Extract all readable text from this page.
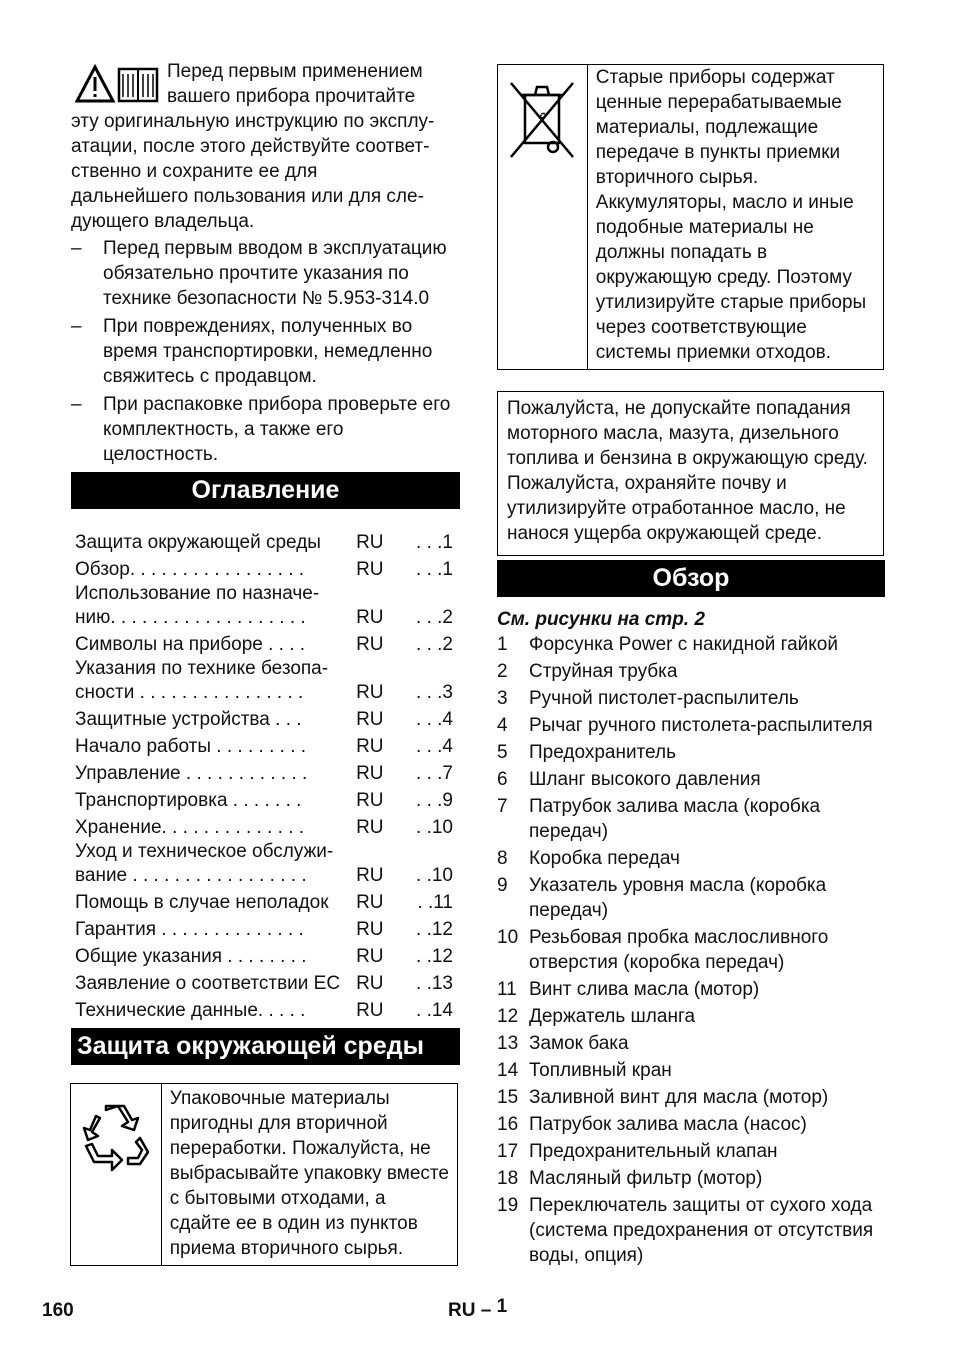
Перед первым применением
вашего прибора прочитайте
эту оригинальную инструкцию по эксплу-
атации, после этого действуйте соответ-
ственно и сохраните ее для
дальнейшего пользования или для сле-
дующего владельца.
– Перед первым вводом в эксплуатацию обязательно прочтите указания по технике безопасности № 5.953-314.0
– При повреждениях, полученных во время транспортировки, немедленно свяжитесь с продавцом.
– При распаковке прибора проверьте его комплектность, а также его целостность.
Оглавление
Защита окружающей среды	RU	. . .1
Обзор. . . . . . . . . . . . . . . . .	RU	. . .1
Использование по назначе-нию. . . . . . . . . . . . . . . . . . .	RU	. . .2
Символы на приборе . . . .	RU	. . .2
Указания по технике безопа-сности . . . . . . . . . . . . . . . .	RU	. . .3
Защитные устройства . . .	RU	. . .4
Начало работы . . . . . . . . .	RU	. . .4
Управление . . . . . . . . . . . .	RU	. . .7
Транспортировка . . . . . . .	RU	. . .9
Хранение. . . . . . . . . . . . . .	RU	. .10
Уход и техническое обслужи-вание . . . . . . . . . . . . . . . . .	RU	. .10
Помощь в случае неполадок	RU	. .11
Гарантия . . . . . . . . . . . . . .	RU	. .12
Общие указания . . . . . . . .	RU	. .12
Заявление о соответствии ЕС RU	. .13
Технические данные. . . . .	RU	. .14
Защита окружающей среды
Упаковочные материалы пригодны для вторичной переработки. Пожалуйста, не выбрасывайте упаковку вместе с бытовыми отходами, а сдайте ее в один из пунктов приема вторичного сырья.
♻
Старые приборы содержат ценные перерабатываемые материалы, подлежащие передаче в пункты приемки вторичного сырья. Аккумуляторы, масло и иные подобные материалы не должны попадать в окружающую среду. Поэтому утилизируйте старые приборы через соответствующие системы приемки отходов.
Пожалуйста, не допускайте попадания моторного масла, мазута, дизельного топлива и бензина в окружающую среду. Пожалуйста, охраняйте почву и утилизируйте отработанное масло, не нанося ущерба окружающей среде.
Обзор
См. рисунки на стр. 2
1 Форсунка Power с накидной гайкой
2 Струйная трубка
3 Ручной пистолет-распылитель
4 Рычаг ручного пистолета-распылителя
5 Предохранитель
6 Шланг высокого давления
7 Патрубок залива масла (коробка передач)
8 Коробка передач
9 Указатель уровня масла (коробка передач)
10 Резьбовая пробка маслосливного отверстия (коробка передач)
11 Винт слива масла (мотор)
12 Держатель шланга
13 Замок бака
14 Топливный кран
15 Заливной винт для масла (мотор)
16 Патрубок залива масла (насос)
17 Предохранительный клапан
18 Масляный фильтр (мотор)
19 Переключатель защиты от сухого хода (система предохранения от отсутствия воды, опция)
160	RU – 1
